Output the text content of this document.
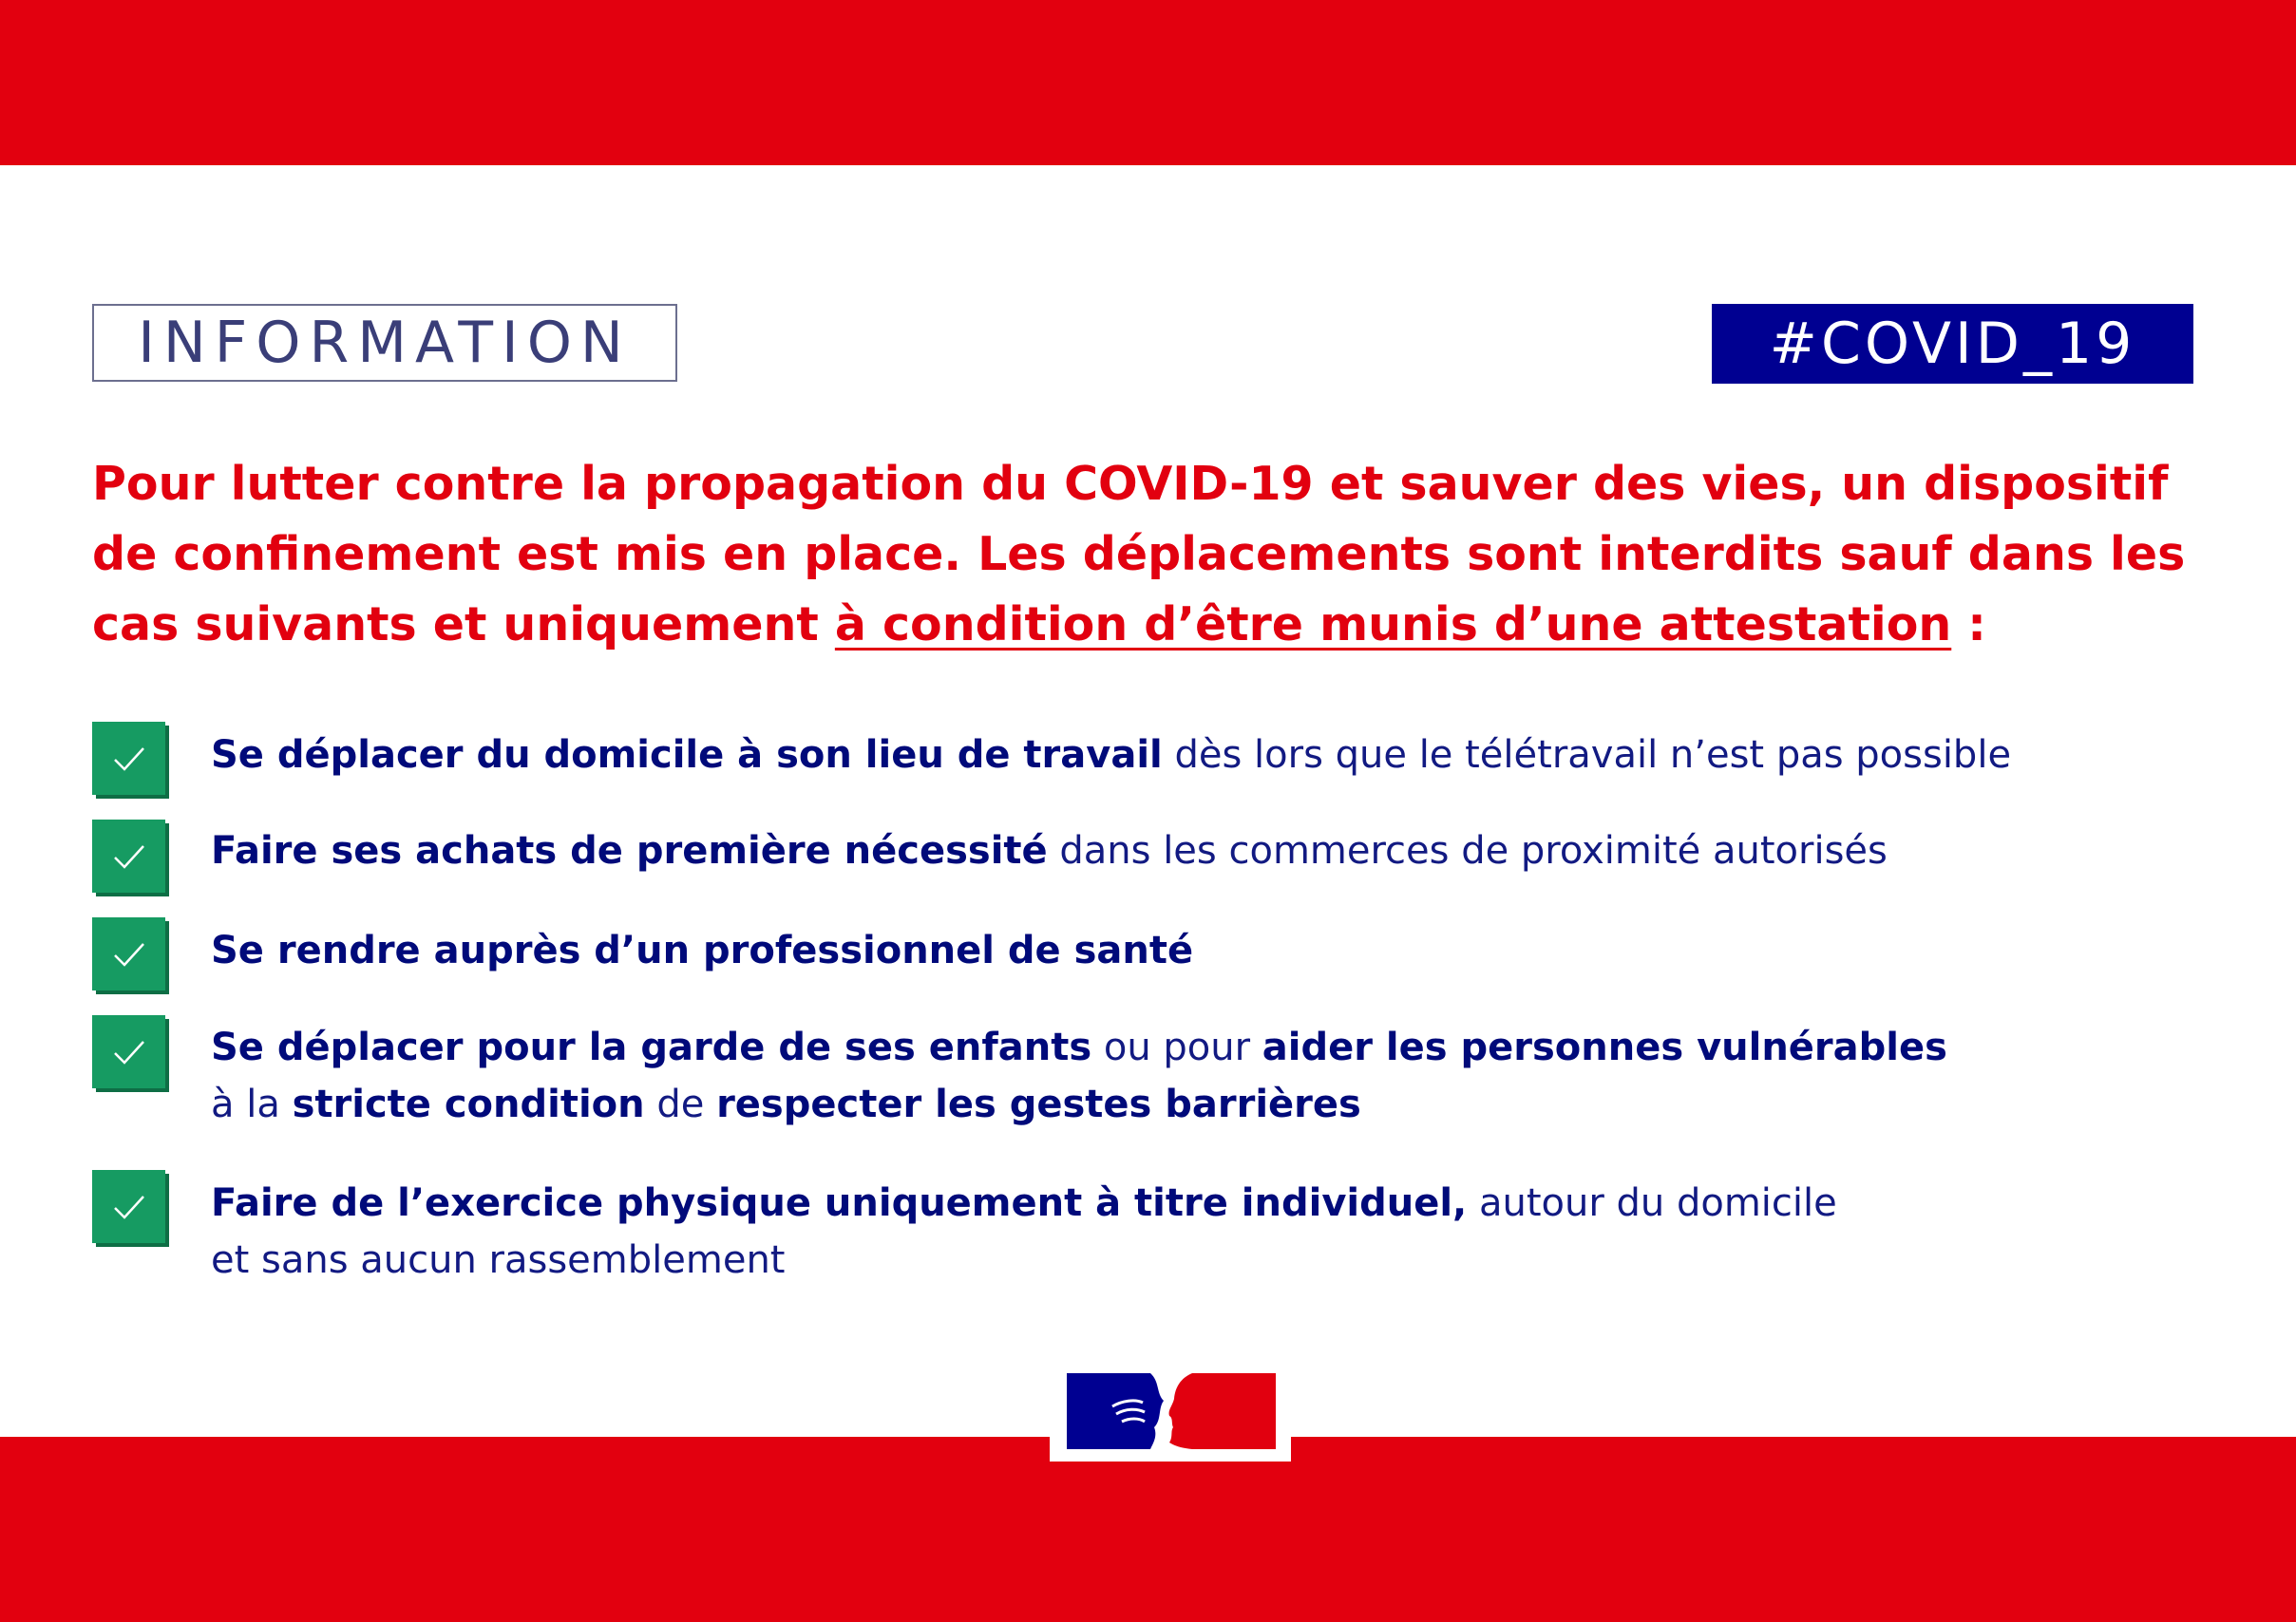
INFORMATION	#COVID_19
Pour lutter contre la propagation du COVID-19 et sauver des vies, un dispositif de confinement est mis en place. Les déplacements sont interdits sauf dans les cas suivants et uniquement à condition d’être munis d’une attestation :
Se déplacer du domicile à son lieu de travail dès lors que le télétravail n’est pas possible
Faire ses achats de première nécessité dans les commerces de proximité autorisés
Se rendre auprès d’un professionnel de santé
Se déplacer pour la garde de ses enfants ou pour aider les personnes vulnérables
à la stricte condition de respecter les gestes barrières
Faire de l’exercice physique uniquement à titre individuel, autour du domicile
et sans aucun rassemblement
